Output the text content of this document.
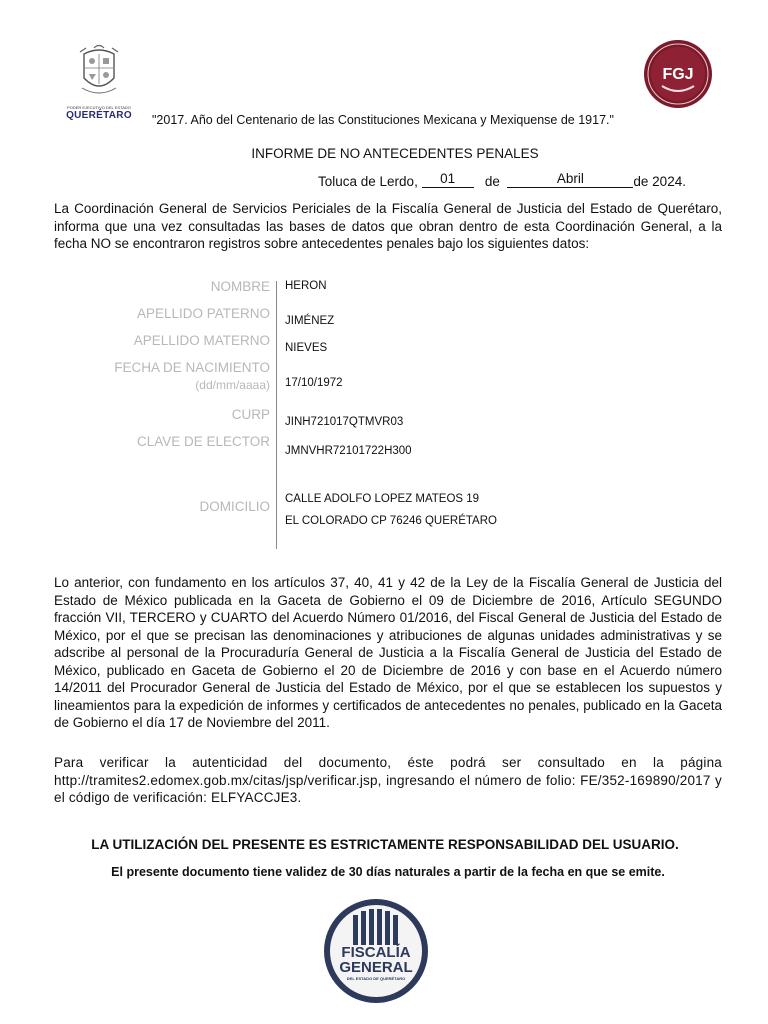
PODER EJECUTIVO DEL ESTADO
QUERÉTARO
FGJ
"2017. Año del Centenario de las Constituciones Mexicana y Mexiquense de 1917."
INFORME DE NO ANTECEDENTES PENALES
Toluca de Lerdo, 01 de	Abril	de 2024.
La Coordinación General de Servicios Periciales de la Fiscalía General de Justicia del Estado de Querétaro, informa que una vez consultadas las bases de datos que obran dentro de esta Coordinación General, a la fecha NO se encontraron registros sobre antecedentes penales bajo los siguientes datos:
NOMBRE
APELLIDO PATERNO
APELLIDO MATERNO
FECHA DE NACIMIENTO
(dd/mm/aaaa)
CURP
CLAVE DE ELECTOR
DOMICILIO
HERON
JIMÉNEZ
NIEVES
17/10/1972
JINH721017QTMVR03
JMNVHR72101722H300
CALLE ADOLFO LOPEZ MATEOS 19
EL COLORADO CP 76246 QUERÉTARO
Lo anterior, con fundamento en los artículos 37, 40, 41 y 42 de la Ley de la Fiscalía General de Justicia del Estado de México publicada en la Gaceta de Gobierno el 09 de Diciembre de 2016, Artículo SEGUNDO fracción VII, TERCERO y CUARTO del Acuerdo Número 01/2016, del Fiscal General de Justicia del Estado de México, por el que se precisan las denominaciones y atribuciones de algunas unidades administrativas y se adscribe al personal de la Procuraduría General de Justicia a la Fiscalía General de Justicia del Estado de México, publicado en Gaceta de Gobierno el 20 de Diciembre de 2016 y con base en el Acuerdo número 14/2011 del Procurador General de Justicia del Estado de México, por el que se establecen los supuestos y lineamientos para la expedición de informes y certificados de antecedentes no penales, publicado en la Gaceta de Gobierno el día 17 de Noviembre del 2011.
Para verificar la autenticidad del documento, éste podrá ser consultado en la página http://tramites2.edomex.gob.mx/citas/jsp/verificar.jsp, ingresando el número de folio: FE/352-169890/2017 y el código de verificación: ELFYACCJE3.
LA UTILIZACIÓN DEL PRESENTE ES ESTRICTAMENTE RESPONSABILIDAD DEL USUARIO.
El presente documento tiene validez de 30 días naturales a partir de la fecha en que se emite.
FISCALÍA
GENERAL
DEL ESTADO DE QUERÉTARO
